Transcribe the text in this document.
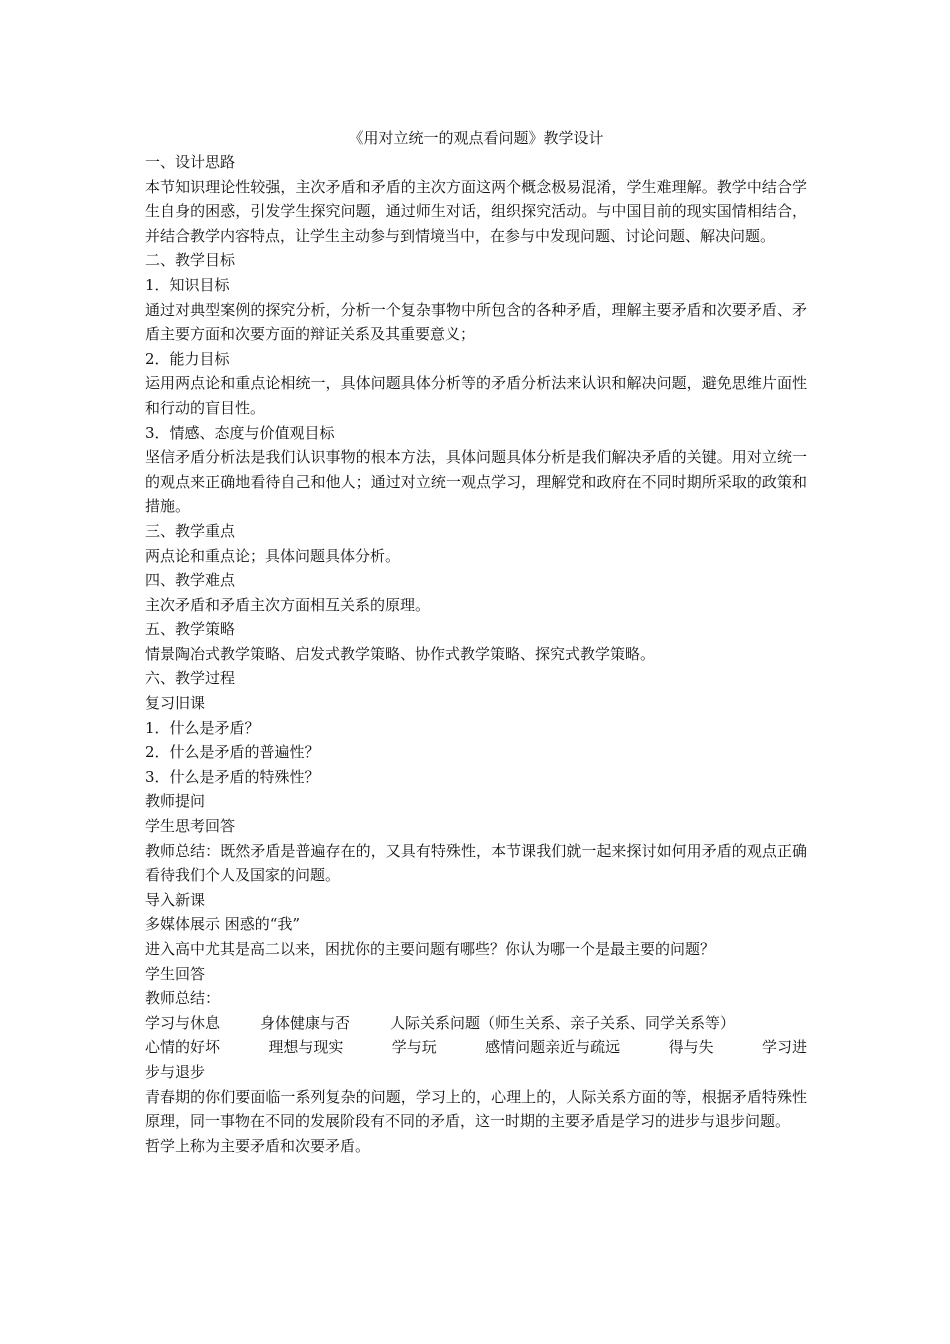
《用对立统一的观点看问题》教学设计

一、设计思路

本节知识理论性较强，主次矛盾和矛盾的主次方面这两个概念极易混淆，学生难理解。教学中结合学生自身的困惑，引发学生探究问题，通过师生对话，组织探究活动。与中国目前的现实国情相结合，并结合教学内容特点，让学生主动参与到情境当中，在参与中发现问题、讨论问题、解决问题。

二、教学目标

1．知识目标

通过对典型案例的探究分析，分析一个复杂事物中所包含的各种矛盾，理解主要矛盾和次要矛盾、矛盾主要方面和次要方面的辩证关系及其重要意义；

2．能力目标

运用两点论和重点论相统一，具体问题具体分析等的矛盾分析法来认识和解决问题，避免思维片面性和行动的盲目性。

3．情感、态度与价值观目标

坚信矛盾分析法是我们认识事物的根本方法，具体问题具体分析是我们解决矛盾的关键。用对立统一的观点来正确地看待自己和他人；通过对立统一观点学习，理解党和政府在不同时期所采取的政策和措施。

三、教学重点

两点论和重点论；具体问题具体分析。

四、教学难点

主次矛盾和矛盾主次方面相互关系的原理。

五、教学策略

情景陶冶式教学策略、启发式教学策略、协作式教学策略、探究式教学策略。

六、教学过程

复习旧课

1．什么是矛盾？

2．什么是矛盾的普遍性？

3．什么是矛盾的特殊性？

教师提问

学生思考回答

教师总结：既然矛盾是普遍存在的，又具有特殊性，本节课我们就一起来探讨如何用矛盾的观点正确看待我们个人及国家的问题。

导入新课

多媒体展示 困惑的“我”

进入高中尤其是高二以来，困扰你的主要问题有哪些？你认为哪一个是最主要的问题？

学生回答

教师总结：

学习与休息	身体健康与否	人际关系问题（师生关系、亲子关系、同学关系等）
心情的好坏	理想与现实	学与玩	感情问题亲近与疏远	得与失	学习进

步与退步

青春期的你们要面临一系列复杂的问题，学习上的，心理上的，人际关系方面的等，根据矛盾特殊性原理，同一事物在不同的发展阶段有不同的矛盾，这一时期的主要矛盾是学习的进步与退步问题。

哲学上称为主要矛盾和次要矛盾。
